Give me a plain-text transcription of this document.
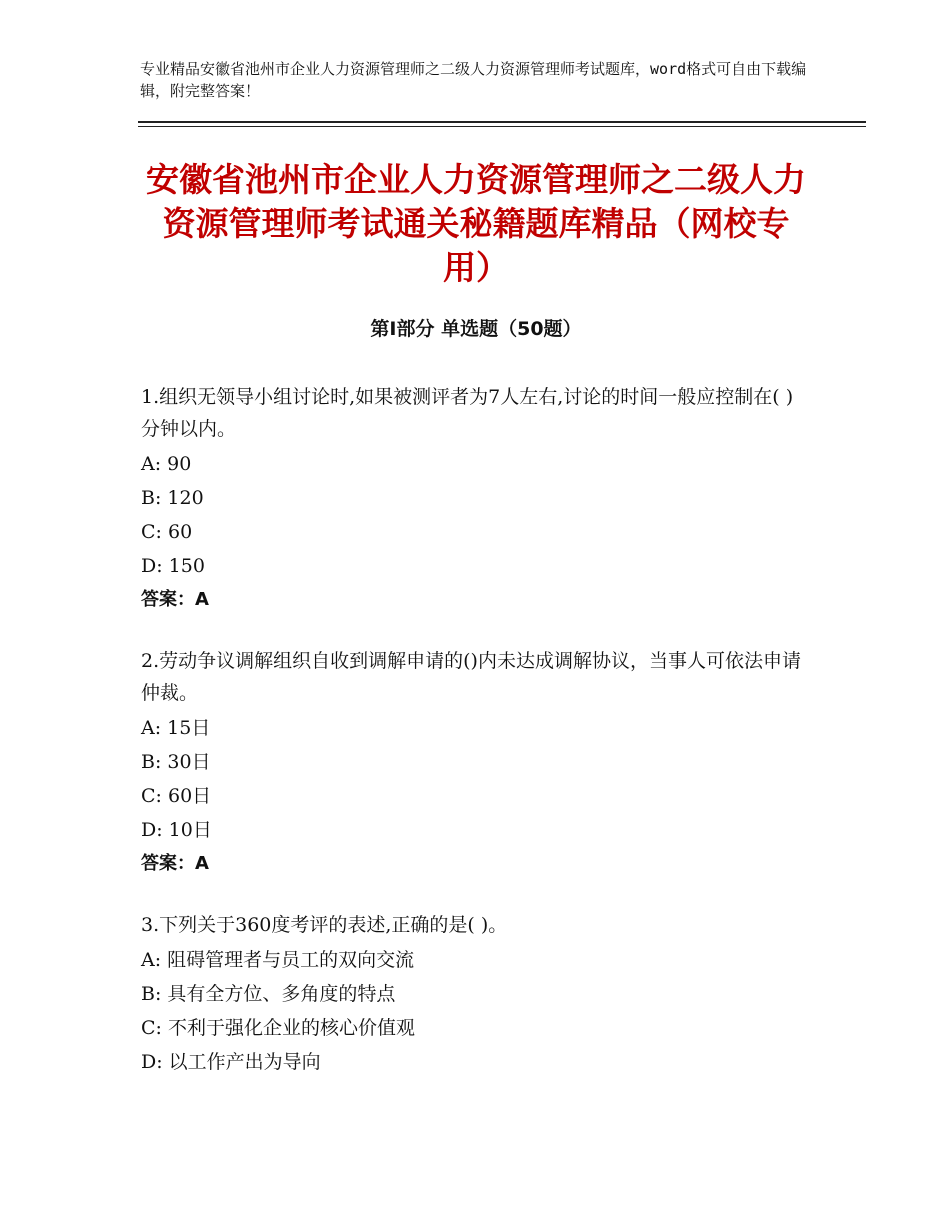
专业精品安徽省池州市企业人力资源管理师之二级人力资源管理师考试题库，word格式可自由下载编辑，附完整答案！
安徽省池州市企业人力资源管理师之二级人力资源管理师考试通关秘籍题库精品（网校专用）
第Ⅰ部分 单选题（50题）

1.组织无领导小组讨论时,如果被测评者为7人左右,讨论的时间一般应控制在( )分钟以内。

A: 90

B: 120

C: 60

D: 150

答案：A

2.劳动争议调解组织自收到调解申请的()内未达成调解协议，当事人可依法申请仲裁。

A: 15日

B: 30日

C: 60日

D: 10日

答案：A

3.下列关于360度考评的表述,正确的是( )。

A: 阻碍管理者与员工的双向交流

B: 具有全方位、多角度的特点

C: 不利于强化企业的核心价值观

D: 以工作产出为导向
